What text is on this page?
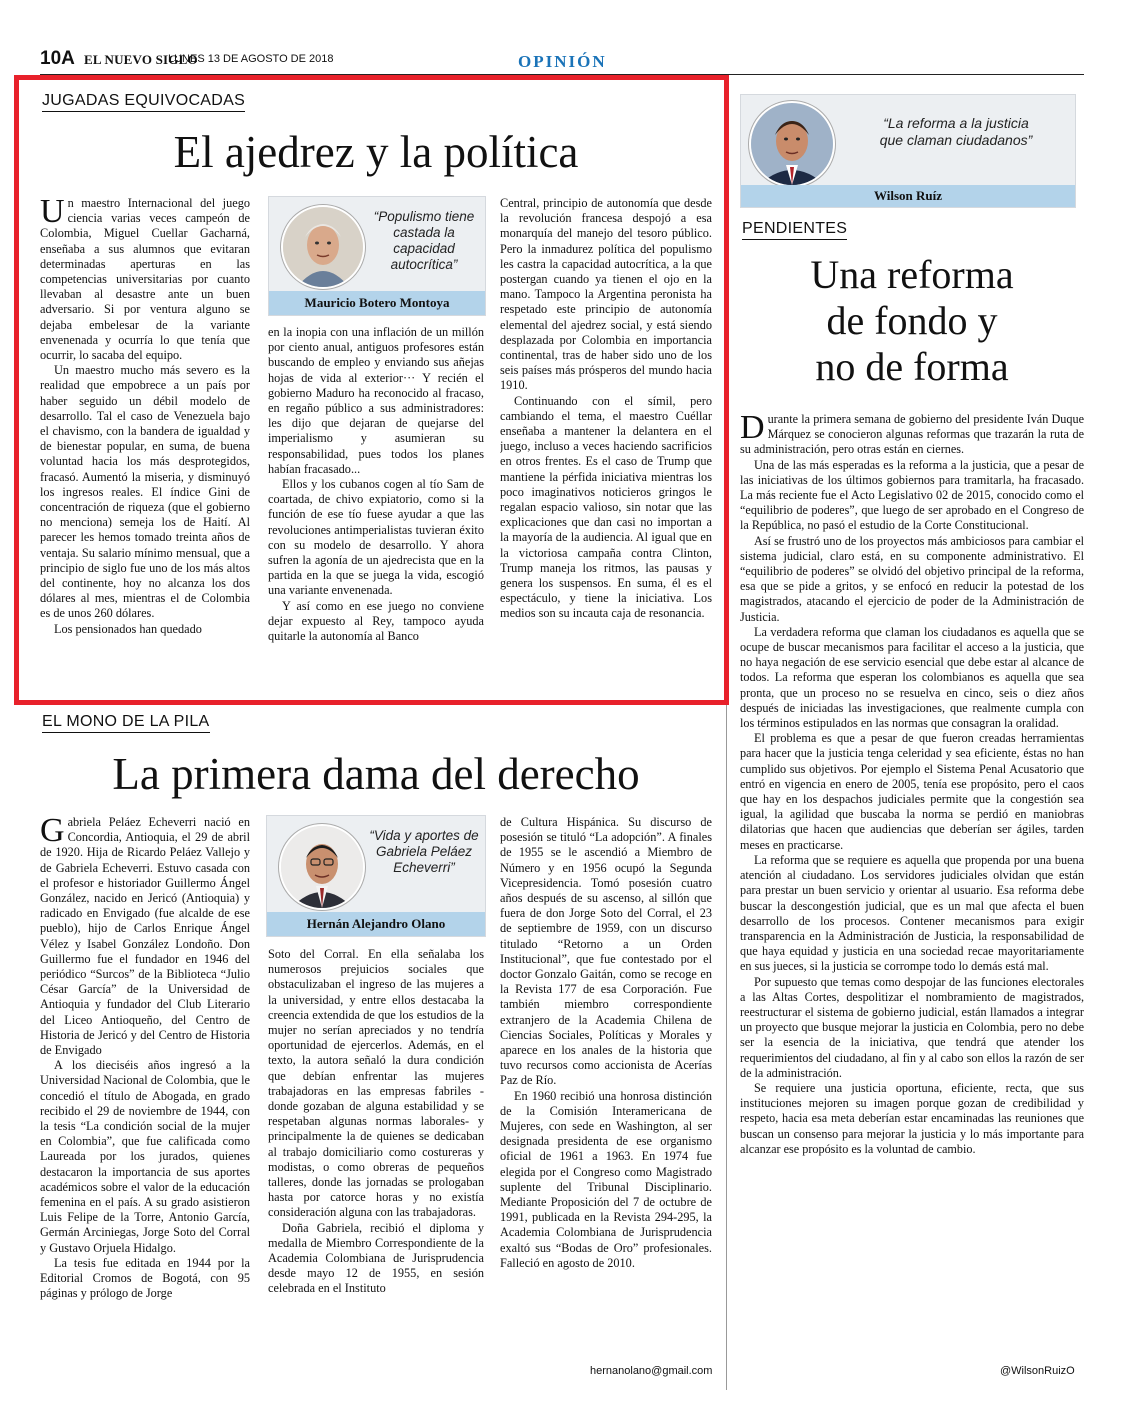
10A EL NUEVO SIGLO
LUNES 13 DE AGOSTO DE 2018	OPINIÓN
JUGADAS EQUIVOCADAS
El ajedrez y la política

Un maestro Internacional del juego ciencia varias veces campeón de Colombia, Miguel Cuellar Gacharná, enseñaba a sus alumnos que evitaran determinadas aperturas en las competencias universitarias por cuanto llevaban al desastre ante un buen adversario. Si por ventura alguno se dejaba embelesar de la variante envenenada y ocurría lo que tenía que ocurrir, lo sacaba del equipo.

Un maestro mucho más severo es la realidad que empobrece a un país por haber seguido un débil modelo de desarrollo. Tal el caso de Venezuela bajo el chavismo, con la bandera de igualdad y de bienestar popular, en suma, de buena voluntad hacia los más desprotegidos, fracasó. Aumentó la miseria, y disminuyó los ingresos reales. El índice Gini de concentración de riqueza (que el gobierno no menciona) semeja los de Haití. Al parecer les hemos tomado treinta años de ventaja. Su salario mínimo mensual, que a principio de siglo fue uno de los más altos del continente, hoy no alcanza los dos dólares al mes, mientras el de Colombia es de unos 260 dólares.

Los pensionados han quedado

“Populismo tiene castada la capacidad autocrítica”
Mauricio Botero Montoya

en la inopia con una inflación de un millón por ciento anual, antiguos profesores están buscando de empleo y enviando sus añejas hojas de vida al exterior··· Y recién el gobierno Maduro ha reconocido al fracaso, en regaño público a sus administradores: les dijo que dejaran de quejarse del imperialismo y asumieran su responsabilidad, pues todos los planes habían fracasado...

Ellos y los cubanos cogen al tío Sam de coartada, de chivo expiatorio, como si la función de ese tío fuese ayudar a que las revoluciones antimperialistas tuvieran éxito con su modelo de desarrollo. Y ahora sufren la agonía de un ajedrecista que en la partida en la que se juega la vida, escogió una variante envenenada.

Y así como en ese juego no conviene dejar expuesto al Rey, tampoco ayuda quitarle la autonomía al Banco

Central, principio de autonomía que desde la revolución francesa despojó a esa monarquía del manejo del tesoro público. Pero la inmadurez política del populismo les castra la capacidad autocrítica, a la que postergan cuando ya tienen el ojo en la mano. Tampoco la Argentina peronista ha respetado este principio de autonomía elemental del ajedrez social, y está siendo desplazada por Colombia en importancia continental, tras de haber sido uno de los seis países más prósperos del mundo hacia 1910.

Continuando con el símil, pero cambiando el tema, el maestro Cuéllar enseñaba a mantener la delantera en el juego, incluso a veces haciendo sacrificios en otros frentes. Es el caso de Trump que mantiene la pérfida iniciativa mientras los poco imaginativos noticieros gringos le regalan espacio valioso, sin notar que las explicaciones que dan casi no importan a la mayoría de la audiencia. Al igual que en la victoriosa campaña contra Clinton, Trump maneja los ritmos, las pausas y genera los suspensos. En suma, él es el espectáculo, y tiene la iniciativa. Los medios son su incauta caja de resonancia.

EL MONO DE LA PILA
La primera dama del derecho

Gabriela Peláez Echeverri nació en Concordia, Antioquia, el 29 de abril de 1920. Hija de Ricardo Peláez Vallejo y de Gabriela Echeverri. Estuvo casada con el profesor e historiador Guillermo Ángel González, nacido en Jericó (Antioquia) y radicado en Envigado (fue alcalde de ese pueblo), hijo de Carlos Enrique Ángel Vélez y Isabel González Londoño. Don Guillermo fue el fundador en 1946 del periódico “Surcos” de la Biblioteca “Julio César García” de la Universidad de Antioquia y fundador del Club Literario del Liceo Antioqueño, del Centro de Historia de Jericó y del Centro de Historia de Envigado

A los dieciséis años ingresó a la Universidad Nacional de Colombia, que le concedió el título de Abogada, en grado recibido el 29 de noviembre de 1944, con la tesis “La condición social de la mujer en Colombia”, que fue calificada como Laureada por los jurados, quienes destacaron la importancia de sus aportes académicos sobre el valor de la educación femenina en el país. A su grado asistieron Luis Felipe de la Torre, Antonio García, Germán Arciniegas, Jorge Soto del Corral y Gustavo Orjuela Hidalgo.

La tesis fue editada en 1944 por la Editorial Cromos de Bogotá, con 95 páginas y prólogo de Jorge

“Vida y aportes de Gabriela Peláez Echeverri”
Hernán Alejandro Olano

Soto del Corral. En ella señalaba los numerosos prejuicios sociales que obstaculizaban el ingreso de las mujeres a la universidad, y entre ellos destacaba la creencia extendida de que los estudios de la mujer no serían apreciados y no tendría oportunidad de ejercerlos. Además, en el texto, la autora señaló la dura condición que debían enfrentar las mujeres trabajadoras en las empresas fabriles -donde gozaban de alguna estabilidad y se respetaban algunas normas laborales- y principalmente la de quienes se dedicaban al trabajo domiciliario como costureras y modistas, o como obreras de pequeños talleres, donde las jornadas se prologaban hasta por catorce horas y no existía consideración alguna con las trabajadoras.

Doña Gabriela, recibió el diploma y medalla de Miembro Correspondiente de la Academia Colombiana de Jurisprudencia desde mayo 12 de 1955, en sesión celebrada en el Instituto

de Cultura Hispánica. Su discurso de posesión se tituló “La adopción”. A finales de 1955 se le ascendió a Miembro de Número y en 1956 ocupó la Segunda Vicepresidencia. Tomó posesión cuatro años después de su ascenso, al sillón que fuera de don Jorge Soto del Corral, el 23 de septiembre de 1959, con un discurso titulado “Retorno a un Orden Institucional”, que fue contestado por el doctor Gonzalo Gaitán, como se recoge en la Revista 177 de esa Corporación. Fue también miembro correspondiente extranjero de la Academia Chilena de Ciencias Sociales, Políticas y Morales y aparece en los anales de la historia que tuvo recursos como accionista de Acerías Paz de Río.

En 1960 recibió una honrosa distinción de la Comisión Interamericana de Mujeres, con sede en Washington, al ser designada presidenta de ese organismo oficial de 1961 a 1963. En 1974 fue elegida por el Congreso como Magistrado suplente del Tribunal Disciplinario. Mediante Proposición del 7 de octubre de 1991, publicada en la Revista 294-295, la Academia Colombiana de Jurisprudencia exaltó sus “Bodas de Oro” profesionales. Falleció en agosto de 2010.

hernanolano@gmail.com
“La reforma a la justicia que claman ciudadanos”
Wilson Ruíz
PENDIENTES
Una reforma
de fondo y
no de forma

Durante la primera semana de gobierno del presidente Iván Duque Márquez se conocieron algunas reformas que trazarán la ruta de su administración, pero otras están en ciernes.

Una de las más esperadas es la reforma a la justicia, que a pesar de las iniciativas de los últimos gobiernos para tramitarla, ha fracasado. La más reciente fue el Acto Legislativo 02 de 2015, conocido como el “equilibrio de poderes”, que luego de ser aprobado en el Congreso de la República, no pasó el estudio de la Corte Constitucional.

Así se frustró uno de los proyectos más ambiciosos para cambiar el sistema judicial, claro está, en su componente administrativo. El “equilibrio de poderes” se olvidó del objetivo principal de la reforma, esa que se pide a gritos, y se enfocó en reducir la potestad de los magistrados, atacando el ejercicio de poder de la Administración de Justicia.

La verdadera reforma que claman los ciudadanos es aquella que se ocupe de buscar mecanismos para facilitar el acceso a la justicia, que no haya negación de ese servicio esencial que debe estar al alcance de todos. La reforma que esperan los colombianos es aquella que sea pronta, que un proceso no se resuelva en cinco, seis o diez años después de iniciadas las investigaciones, que realmente cumpla con los términos estipulados en las normas que consagran la oralidad.

El problema es que a pesar de que fueron creadas herramientas para hacer que la justicia tenga celeridad y sea eficiente, éstas no han cumplido sus objetivos. Por ejemplo el Sistema Penal Acusatorio que entró en vigencia en enero de 2005, tenía ese propósito, pero el caos que hay en los despachos judiciales permite que la congestión sea igual, la agilidad que buscaba la norma se perdió en maniobras dilatorias que hacen que audiencias que deberían ser ágiles, tarden meses en practicarse.

La reforma que se requiere es aquella que propenda por una buena atención al ciudadano. Los servidores judiciales olvidan que están para prestar un buen servicio y orientar al usuario. Esa reforma debe buscar la descongestión judicial, que es un mal que afecta el buen desarrollo de los procesos. Contener mecanismos para exigir transparencia en la Administración de Justicia, la responsabilidad de que haya equidad y justicia en una sociedad recae mayoritariamente en sus jueces, si la justicia se corrompe todo lo demás está mal.

Por supuesto que temas como despojar de las funciones electorales a las Altas Cortes, despolitizar el nombramiento de magistrados, reestructurar el sistema de gobierno judicial, están llamados a integrar un proyecto que busque mejorar la justicia en Colombia, pero no debe ser la esencia de la iniciativa, que tendrá que atender los requerimientos del ciudadano, al fin y al cabo son ellos la razón de ser de la administración.

Se requiere una justicia oportuna, eficiente, recta, que sus instituciones mejoren su imagen porque gozan de credibilidad y respeto, hacia esa meta deberían estar encaminadas las reuniones que buscan un consenso para mejorar la justicia y lo más importante para alcanzar ese propósito es la voluntad de cambio.

@WilsonRuizO
